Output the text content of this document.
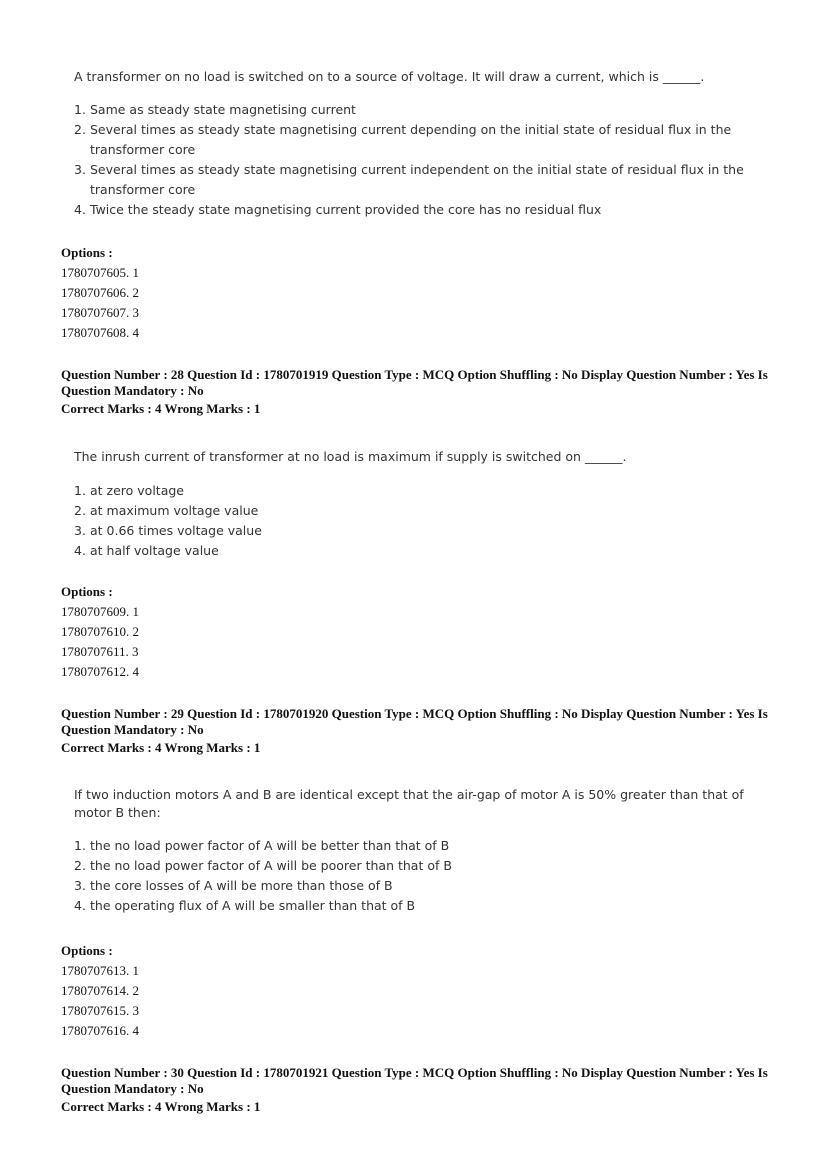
A transformer on no load is switched on to a source of voltage. It will draw a current, which is ______.

1. Same as steady state magnetising current
2. Several times as steady state magnetising current depending on the initial state of residual flux in the transformer core
3. Several times as steady state magnetising current independent on the initial state of residual flux in the transformer core
4. Twice the steady state magnetising current provided the core has no residual flux
Options :
1780707605. 1
1780707606. 2
1780707607. 3
1780707608. 4
Question Number : 28 Question Id : 1780701919 Question Type : MCQ Option Shuffling : No Display Question Number : Yes Is Question Mandatory : No
Correct Marks : 4 Wrong Marks : 1

The inrush current of transformer at no load is maximum if supply is switched on ______.

1. at zero voltage
2. at maximum voltage value
3. at 0.66 times voltage value
4. at half voltage value
Options :
1780707609. 1
1780707610. 2
1780707611. 3
1780707612. 4
Question Number : 29 Question Id : 1780701920 Question Type : MCQ Option Shuffling : No Display Question Number : Yes Is Question Mandatory : No
Correct Marks : 4 Wrong Marks : 1

If two induction motors A and B are identical except that the air-gap of motor A is 50% greater than that of motor B then:

1. the no load power factor of A will be better than that of B
2. the no load power factor of A will be poorer than that of B
3. the core losses of A will be more than those of B
4. the operating flux of A will be smaller than that of B
Options :
1780707613. 1
1780707614. 2
1780707615. 3
1780707616. 4
Question Number : 30 Question Id : 1780701921 Question Type : MCQ Option Shuffling : No Display Question Number : Yes Is Question Mandatory : No
Correct Marks : 4 Wrong Marks : 1
